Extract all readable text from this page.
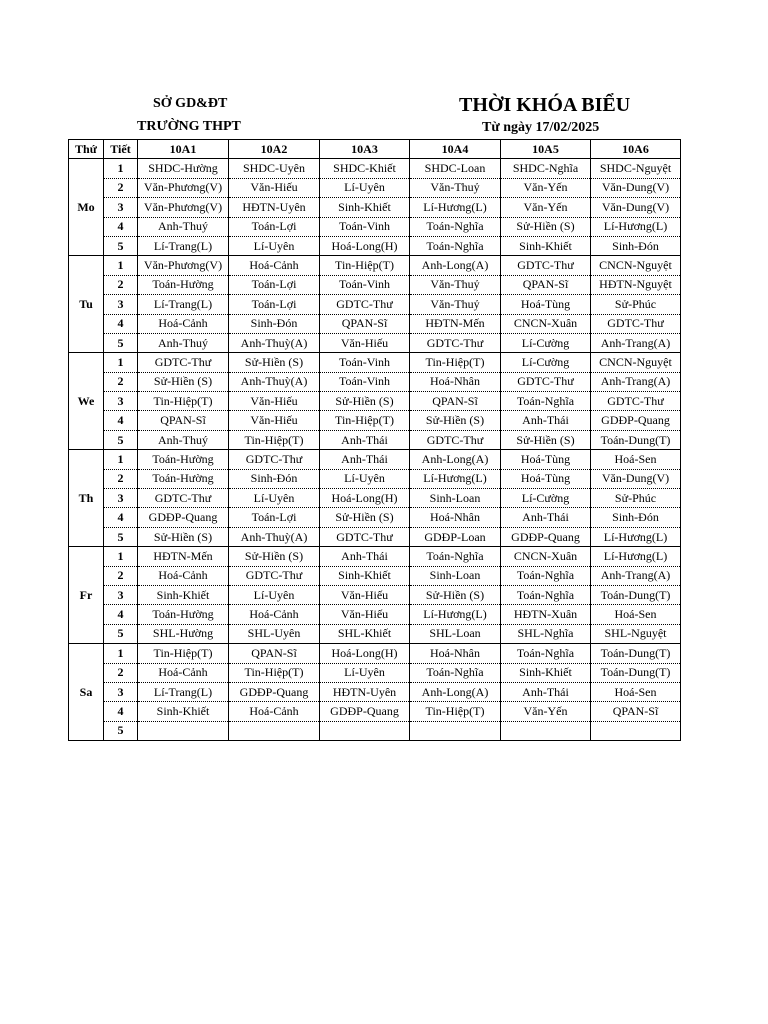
SỞ GD&ĐT
TRƯỜNG THPT
THỜI KHÓA BIỂU
Từ ngày 17/02/2025
Thứ	Tiết	10A1	10A2	10A3	10A4	10A5	10A6
Mo	1	SHDC-Hường	SHDC-Uyên	SHDC-Khiết	SHDC-Loan	SHDC-Nghĩa	SHDC-Nguyệt
	2	Văn-Phương(V)	Văn-Hiếu	Lí-Uyên	Văn-Thuỷ	Văn-Yến	Văn-Dung(V)
	3	Văn-Phương(V)	HĐTN-Uyên	Sinh-Khiết	Lí-Hương(L)	Văn-Yến	Văn-Dung(V)
	4	Anh-Thuý	Toán-Lợi	Toán-Vinh	Toán-Nghĩa	Sử-Hiền (S)	Lí-Hương(L)
	5	Lí-Trang(L)	Lí-Uyên	Hoá-Long(H)	Toán-Nghĩa	Sinh-Khiết	Sinh-Đón
Tu	1	Văn-Phương(V)	Hoá-Cảnh	Tin-Hiệp(T)	Anh-Long(A)	GDTC-Thư	CNCN-Nguyệt
	2	Toán-Hường	Toán-Lợi	Toán-Vinh	Văn-Thuỷ	QPAN-Sĩ	HĐTN-Nguyệt
	3	Lí-Trang(L)	Toán-Lợi	GDTC-Thư	Văn-Thuỷ	Hoá-Tùng	Sử-Phúc
	4	Hoá-Cảnh	Sinh-Đón	QPAN-Sĩ	HĐTN-Mến	CNCN-Xuân	GDTC-Thư
	5	Anh-Thuý	Anh-Thuỳ(A)	Văn-Hiếu	GDTC-Thư	Lí-Cường	Anh-Trang(A)
We	1	GDTC-Thư	Sử-Hiền (S)	Toán-Vinh	Tin-Hiệp(T)	Lí-Cường	CNCN-Nguyệt
	2	Sử-Hiền (S)	Anh-Thuỳ(A)	Toán-Vinh	Hoá-Nhân	GDTC-Thư	Anh-Trang(A)
	3	Tin-Hiệp(T)	Văn-Hiếu	Sử-Hiền (S)	QPAN-Sĩ	Toán-Nghĩa	GDTC-Thư
	4	QPAN-Sĩ	Văn-Hiếu	Tin-Hiệp(T)	Sử-Hiền (S)	Anh-Thái	GDĐP-Quang
	5	Anh-Thuý	Tin-Hiệp(T)	Anh-Thái	GDTC-Thư	Sử-Hiền (S)	Toán-Dung(T)
Th	1	Toán-Hường	GDTC-Thư	Anh-Thái	Anh-Long(A)	Hoá-Tùng	Hoá-Sen
	2	Toán-Hường	Sinh-Đón	Lí-Uyên	Lí-Hương(L)	Hoá-Tùng	Văn-Dung(V)
	3	GDTC-Thư	Lí-Uyên	Hoá-Long(H)	Sinh-Loan	Lí-Cường	Sử-Phúc
	4	GDĐP-Quang	Toán-Lợi	Sử-Hiền (S)	Hoá-Nhân	Anh-Thái	Sinh-Đón
	5	Sử-Hiền (S)	Anh-Thuỳ(A)	GDTC-Thư	GDĐP-Loan	GDĐP-Quang	Lí-Hương(L)
Fr	1	HĐTN-Mến	Sử-Hiền (S)	Anh-Thái	Toán-Nghĩa	CNCN-Xuân	Lí-Hương(L)
	2	Hoá-Cảnh	GDTC-Thư	Sinh-Khiết	Sinh-Loan	Toán-Nghĩa	Anh-Trang(A)
	3	Sinh-Khiết	Lí-Uyên	Văn-Hiếu	Sử-Hiền (S)	Toán-Nghĩa	Toán-Dung(T)
	4	Toán-Hường	Hoá-Cảnh	Văn-Hiếu	Lí-Hương(L)	HĐTN-Xuân	Hoá-Sen
	5	SHL-Hường	SHL-Uyên	SHL-Khiết	SHL-Loan	SHL-Nghĩa	SHL-Nguyệt
Sa	1	Tin-Hiệp(T)	QPAN-Sĩ	Hoá-Long(H)	Hoá-Nhân	Toán-Nghĩa	Toán-Dung(T)
	2	Hoá-Cảnh	Tin-Hiệp(T)	Lí-Uyên	Toán-Nghĩa	Sinh-Khiết	Toán-Dung(T)
	3	Lí-Trang(L)	GDĐP-Quang	HĐTN-Uyên	Anh-Long(A)	Anh-Thái	Hoá-Sen
	4	Sinh-Khiết	Hoá-Cảnh	GDĐP-Quang	Tin-Hiệp(T)	Văn-Yến	QPAN-Sĩ
	5						
